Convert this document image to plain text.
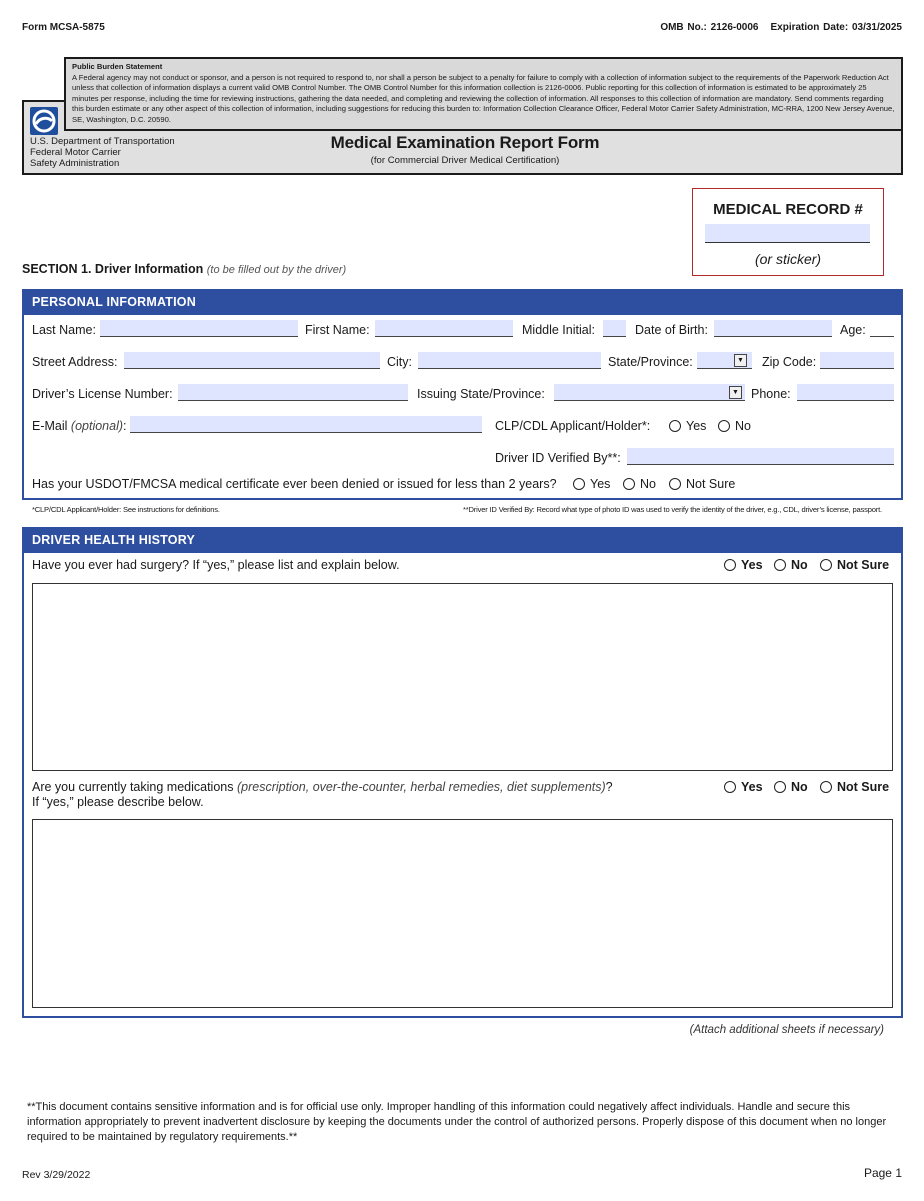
Form MCSA-5875	OMB No.: 2126-0006 Expiration Date: 03/31/2025
Public Burden Statement
A Federal agency may not conduct or sponsor, and a person is not required to respond to, nor shall a person be subject to a penalty for failure to comply with a collection of information subject to the requirements of the Paperwork Reduction Act unless that collection of information displays a current valid OMB Control Number. The OMB Control Number for this information collection is 2126-0006. Public reporting for this collection of information is estimated to be approximately 25 minutes per response, including the time for reviewing instructions, gathering the data needed, and completing and reviewing the collection of information. All responses to this collection of information are mandatory. Send comments regarding this burden estimate or any other aspect of this collection of information, including suggestions for reducing this burden to: Information Collection Clearance Officer, Federal Motor Carrier Safety Administration, MC-RRA, 1200 New Jersey Avenue, SE, Washington, D.C. 20590.
U.S. Department of Transportation
Federal Motor Carrier
Safety Administration
Medical Examination Report Form
(for Commercial Driver Medical Certification)
MEDICAL RECORD #
(or sticker)
SECTION 1. Driver Information (to be filled out by the driver)
PERSONAL INFORMATION
Last Name:	First Name:	Middle Initial:	Date of Birth:	Age:
Street Address:	City:	State/Province:	▼ Zip Code:
Driver’s License Number:	Issuing State/Province:	▼ Phone:
E-Mail (optional):	CLP/CDL Applicant/Holder*:	Yes	No
Driver ID Verified By**:
Has your USDOT/FMCSA medical certificate ever been denied or issued for less than 2 years?	Yes	No	Not Sure
*CLP/CDL Applicant/Holder: See instructions for definitions.	**Driver ID Verified By: Record what type of photo ID was used to verify the identity of the driver, e.g., CDL, driver’s license, passport.
DRIVER HEALTH HISTORY
Have you ever had surgery? If “yes,” please list and explain below.	Yes	No	Not Sure
Are you currently taking medications (prescription, over-the-counter, herbal remedies, diet supplements)?
If “yes,” please describe below.
Yes	No	Not Sure
(Attach additional sheets if necessary)
**This document contains sensitive information and is for official use only. Improper handling of this information could negatively affect individuals. Handle and secure this information appropriately to prevent inadvertent disclosure by keeping the documents under the control of authorized persons. Properly dispose of this document when no longer required to be maintained by regulatory requirements.**
Rev 3/29/2022	Page 1
